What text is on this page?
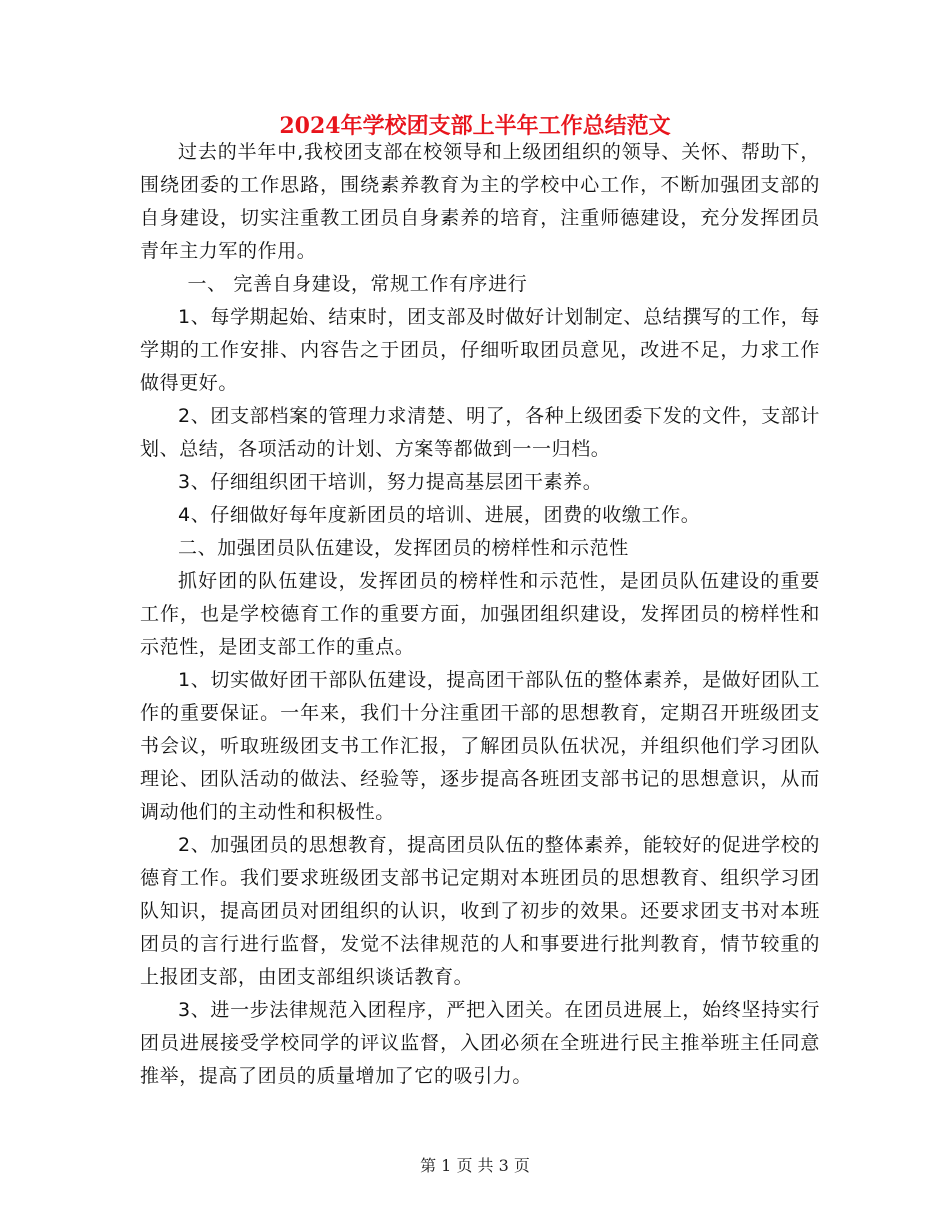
2024年学校团支部上半年工作总结范文

过去的半年中,我校团支部在校领导和上级团组织的领导、关怀、帮助下，围绕团委的工作思路，围绕素养教育为主的学校中心工作，不断加强团支部的自身建设，切实注重教工团员自身素养的培育，注重师德建设，充分发挥团员青年主力军的作用。

一、 完善自身建设，常规工作有序进行

1、每学期起始、结束时，团支部及时做好计划制定、总结撰写的工作，每学期的工作安排、内容告之于团员，仔细听取团员意见，改进不足，力求工作做得更好。

2、团支部档案的管理力求清楚、明了，各种上级团委下发的文件，支部计划、总结，各项活动的计划、方案等都做到一一归档。

3、仔细组织团干培训，努力提高基层团干素养。

4、仔细做好每年度新团员的培训、进展，团费的收缴工作。

二、加强团员队伍建设，发挥团员的榜样性和示范性

抓好团的队伍建设，发挥团员的榜样性和示范性，是团员队伍建设的重要工作，也是学校德育工作的重要方面，加强团组织建设，发挥团员的榜样性和示范性，是团支部工作的重点。

1、切实做好团干部队伍建设，提高团干部队伍的整体素养，是做好团队工作的重要保证。一年来，我们十分注重团干部的思想教育，定期召开班级团支书会议，听取班级团支书工作汇报，了解团员队伍状况，并组织他们学习团队理论、团队活动的做法、经验等，逐步提高各班团支部书记的思想意识，从而调动他们的主动性和积极性。

2、加强团员的思想教育，提高团员队伍的整体素养，能较好的促进学校的德育工作。我们要求班级团支部书记定期对本班团员的思想教育、组织学习团队知识，提高团员对团组织的认识，收到了初步的效果。还要求团支书对本班团员的言行进行监督，发觉不法律规范的人和事要进行批判教育，情节较重的上报团支部，由团支部组织谈话教育。

3、进一步法律规范入团程序，严把入团关。在团员进展上，始终坚持实行团员进展接受学校同学的评议监督，入团必须在全班进行民主推举班主任同意推举，提高了团员的质量增加了它的吸引力。

第 1 页 共 3 页
